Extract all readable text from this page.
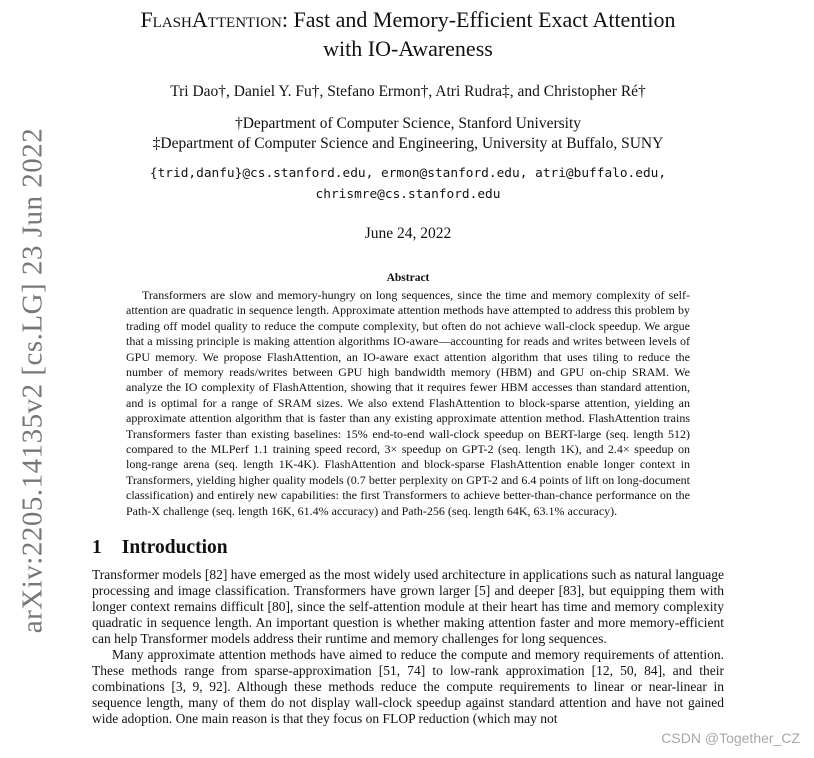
arXiv:2205.14135v2 [cs.LG] 23 Jun 2022
FlashAttention: Fast and Memory-Efficient Exact Attention
with IO-Awareness
Tri Dao†, Daniel Y. Fu†, Stefano Ermon†, Atri Rudra‡, and Christopher Ré†
†Department of Computer Science, Stanford University
‡Department of Computer Science and Engineering, University at Buffalo, SUNY
{trid,danfu}@cs.stanford.edu, ermon@stanford.edu, atri@buffalo.edu,
chrismre@cs.stanford.edu
June 24, 2022
Abstract

Transformers are slow and memory-hungry on long sequences, since the time and memory complexity of self-attention are quadratic in sequence length. Approximate attention methods have attempted to address this problem by trading off model quality to reduce the compute complexity, but often do not achieve wall-clock speedup. We argue that a missing principle is making attention algorithms IO-aware—accounting for reads and writes between levels of GPU memory. We propose FlashAttention, an IO-aware exact attention algorithm that uses tiling to reduce the number of memory reads/writes between GPU high bandwidth memory (HBM) and GPU on-chip SRAM. We analyze the IO complexity of FlashAttention, showing that it requires fewer HBM accesses than standard attention, and is optimal for a range of SRAM sizes. We also extend FlashAttention to block-sparse attention, yielding an approximate attention algorithm that is faster than any existing approximate attention method. FlashAttention trains Transformers faster than existing baselines: 15% end-to-end wall-clock speedup on BERT-large (seq. length 512) compared to the MLPerf 1.1 training speed record, 3× speedup on GPT-2 (seq. length 1K), and 2.4× speedup on long-range arena (seq. length 1K-4K). FlashAttention and block-sparse FlashAttention enable longer context in Transformers, yielding higher quality models (0.7 better perplexity on GPT-2 and 6.4 points of lift on long-document classification) and entirely new capabilities: the first Transformers to achieve better-than-chance performance on the Path-X challenge (seq. length 16K, 61.4% accuracy) and Path-256 (seq. length 64K, 63.1% accuracy).

1 Introduction

Transformer models [82] have emerged as the most widely used architecture in applications such as natural language processing and image classification. Transformers have grown larger [5] and deeper [83], but equipping them with longer context remains difficult [80], since the self-attention module at their heart has time and memory complexity quadratic in sequence length. An important question is whether making attention faster and more memory-efficient can help Transformer models address their runtime and memory challenges for long sequences.

Many approximate attention methods have aimed to reduce the compute and memory requirements of attention. These methods range from sparse-approximation [51, 74] to low-rank approximation [12, 50, 84], and their combinations [3, 9, 92]. Although these methods reduce the compute requirements to linear or near-linear in sequence length, many of them do not display wall-clock speedup against standard attention and have not gained wide adoption. One main reason is that they focus on FLOP reduction (which may not

CSDN @Together_CZ
